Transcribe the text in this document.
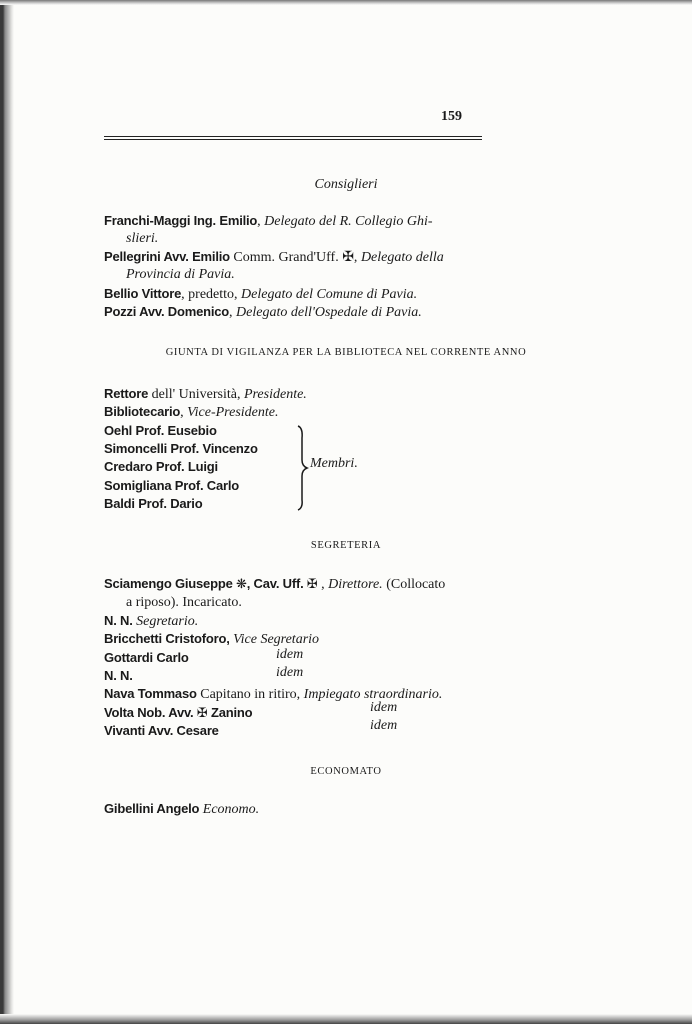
159
Consiglieri
Franchi-Maggi Ing. Emilio, Delegato del R. Collegio Ghi-
slieri.
Pellegrini Avv. Emilio Comm. Grand'Uff. ✠, Delegato della
Provincia di Pavia.
Bellio Vittore, predetto, Delegato del Comune di Pavia.
Pozzi Avv. Domenico, Delegato dell'Ospedale di Pavia.
GIUNTA DI VIGILANZA PER LA BIBLIOTECA NEL CORRENTE ANNO
Rettore dell' Università, Presidente.
Bibliotecario, Vice-Presidente.
Oehl Prof. Eusebio
Simoncelli Prof. Vincenzo
Credaro Prof. Luigi
Somigliana Prof. Carlo
Baldi Prof. Dario
Membri.
SEGRETERIA
Sciamengo Giuseppe ❋, Cav. Uff. ✠ , Direttore. (Collocato
a riposo). Incaricato.
N. N. Segretario.
Bricchetti Cristoforo, Vice Segretario
Gottardi Carlo	idem
N. N.	idem
Nava Tommaso Capitano in ritiro, Impiegato straordinario.
Volta Nob. Avv. ✠ Zanino	idem
Vivanti Avv. Cesare	idem
ECONOMATO
Gibellini Angelo Economo.
